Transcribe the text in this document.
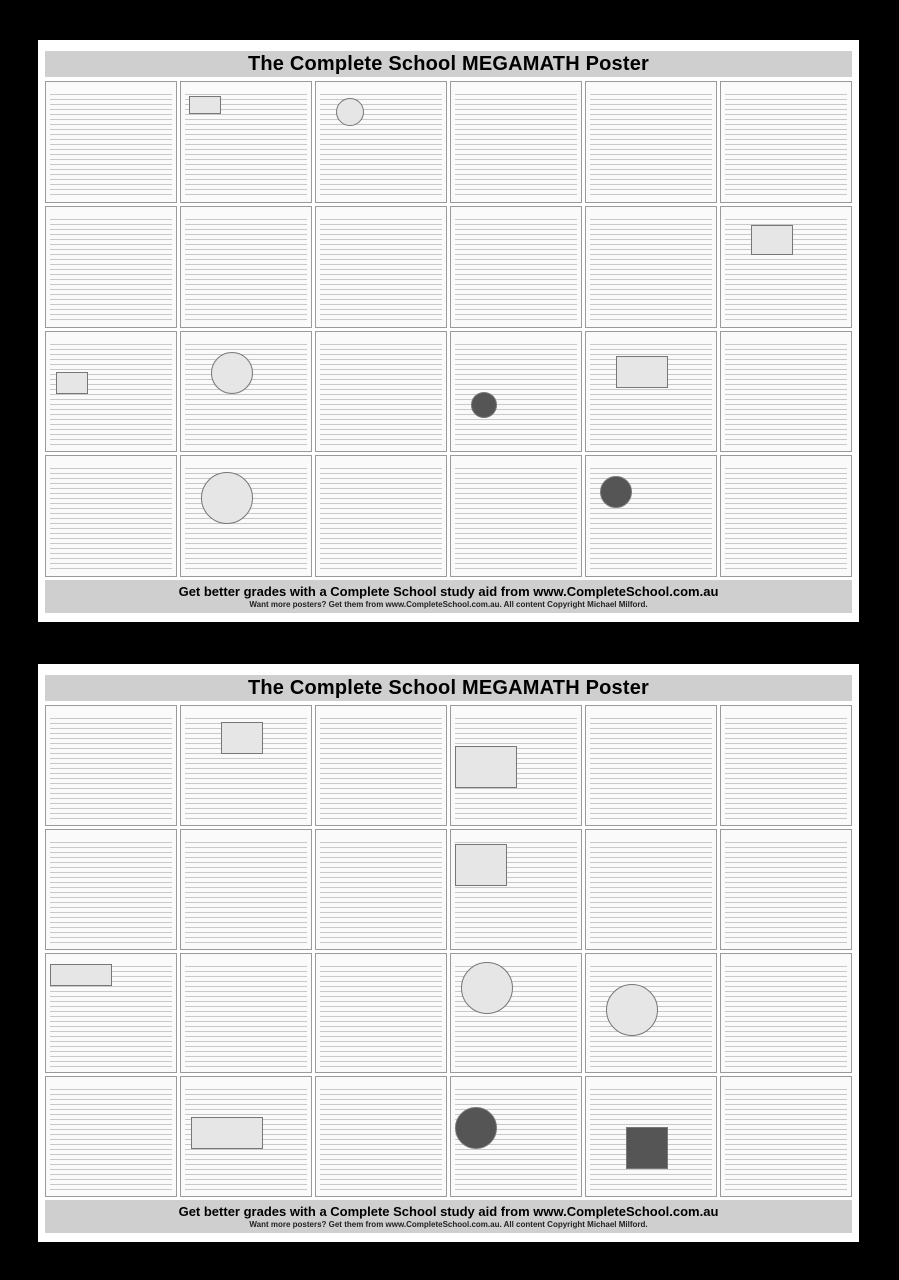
The Complete School MEGAMATH Poster
Get better grades with a Complete School study aid from www.CompleteSchool.com.au
Want more posters? Get them from www.CompleteSchool.com.au. All content Copyright Michael Milford.
The Complete School MEGAMATH Poster
Get better grades with a Complete School study aid from www.CompleteSchool.com.au
Want more posters? Get them from www.CompleteSchool.com.au. All content Copyright Michael Milford.
